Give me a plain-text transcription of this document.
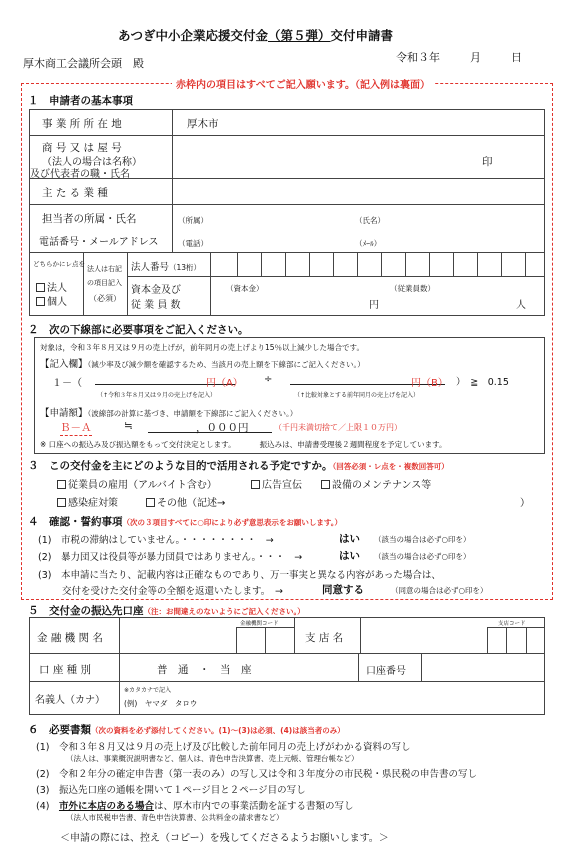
あつぎ中小企業応援交付金（第５弾）交付申請書
令和３年	月	日
厚木商工会議所会頭　殿
赤枠内の項目はすべてご記入願います。（記入例は裏面）
１　申請者の基本事項
事 業 所 所 在 地	厚木市
商 号 又 は 屋 号
（法人の場合は名称）
及び代表者の職・氏名
印
主 た る 業 種
担当者の所属・氏名
電話番号・メールアドレス
（所属）	（氏名）
（電話）	（ﾒｰﾙ）
どちらかにレ点を
法人
個人
法人は右記
の項目記入
（必須）
法人番号（13桁）
資本金及び
従 業 員 数
（資本金）	（従業員数）
円	人
２　次の下線部に必要事項をご記入ください。
対象は，令和３年８月又は９月の売上げが，前年同月の売上げより15％以上減少した場合です。
【記入欄】（減少率及び減少額を確認するため、当該月の売上額を下線部にご記入ください。）
１－（	円（A） ÷	円（B） ）　≧　0.15
（↑令和３年８月又は９月の売上げを記入）	（↑比較対象とする前年同月の売上げを記入）
【申請額】（波線部の計算に基づき、申請額を下線部にご記入ください。）
Ｂ－Ａ	≒	，０００円	（千円未満切捨て／上限１０万円）
※ 口座への振込み及び振込額をもって交付決定とします。	振込みは、申請書受理後２週間程度を予定しています。
３　この交付金を主にどのような目的で活用される予定ですか。（回答必須・レ点を・複数回答可）
従業員の雇用（アルバイト含む）	広告宣伝	設備のメンテナンス等
感染症対策	その他（記述→	）
４　確認・誓約事項（次の３項目すべてに○印により必ず意思表示をお願いします。）
(1)　市税の滞納はしていません。・・・・・・・・　→	はい （該当の場合は必ず○印を）
(2)　暴力団又は役員等が暴力団員ではありません。・・・　→	はい （該当の場合は必ず○印を）
(3)　本申請に当たり、記載内容は正確なものであり、万一事実と異なる内容があった場合は、
交付を受けた交付金等の全額を返還いたします。　→	同意する	（同意の場合は必ず○印を）
５　交付金の振込先口座（注：お間違えのないようにご記入ください。）
金 融 機 関 名
金融機関コード
支 店 名
支店コード
口 座 種 別	普　通　・　当　座	口座番号
名義人（カナ）
※カタカナで記入
(例)　ヤマダ　タロウ
６　必要書類（次の資料を必ず添付してください。(1)～(3)は必須、(4)は該当者のみ）
(1)　令和３年８月又は９月の売上げ及び比較した前年同月の売上げがわかる資料の写し
（法人は、事業概況説明書など、個人は、青色申告決算書、売上元帳、管理台帳など）
(2)　令和２年分の確定申告書（第一表のみ）の写し又は令和３年度分の市民税・県民税の申告書の写し
(3)　振込先口座の通帳を開いて１ページ目と２ページ目の写し
(4)　市外に本店のある場合は、厚木市内での事業活動を証する書類の写し
（法人市民税申告書、青色申告決算書、公共料金の請求書など）
＜申請の際には、控え（コピー）を残してくださるようお願いします。＞
